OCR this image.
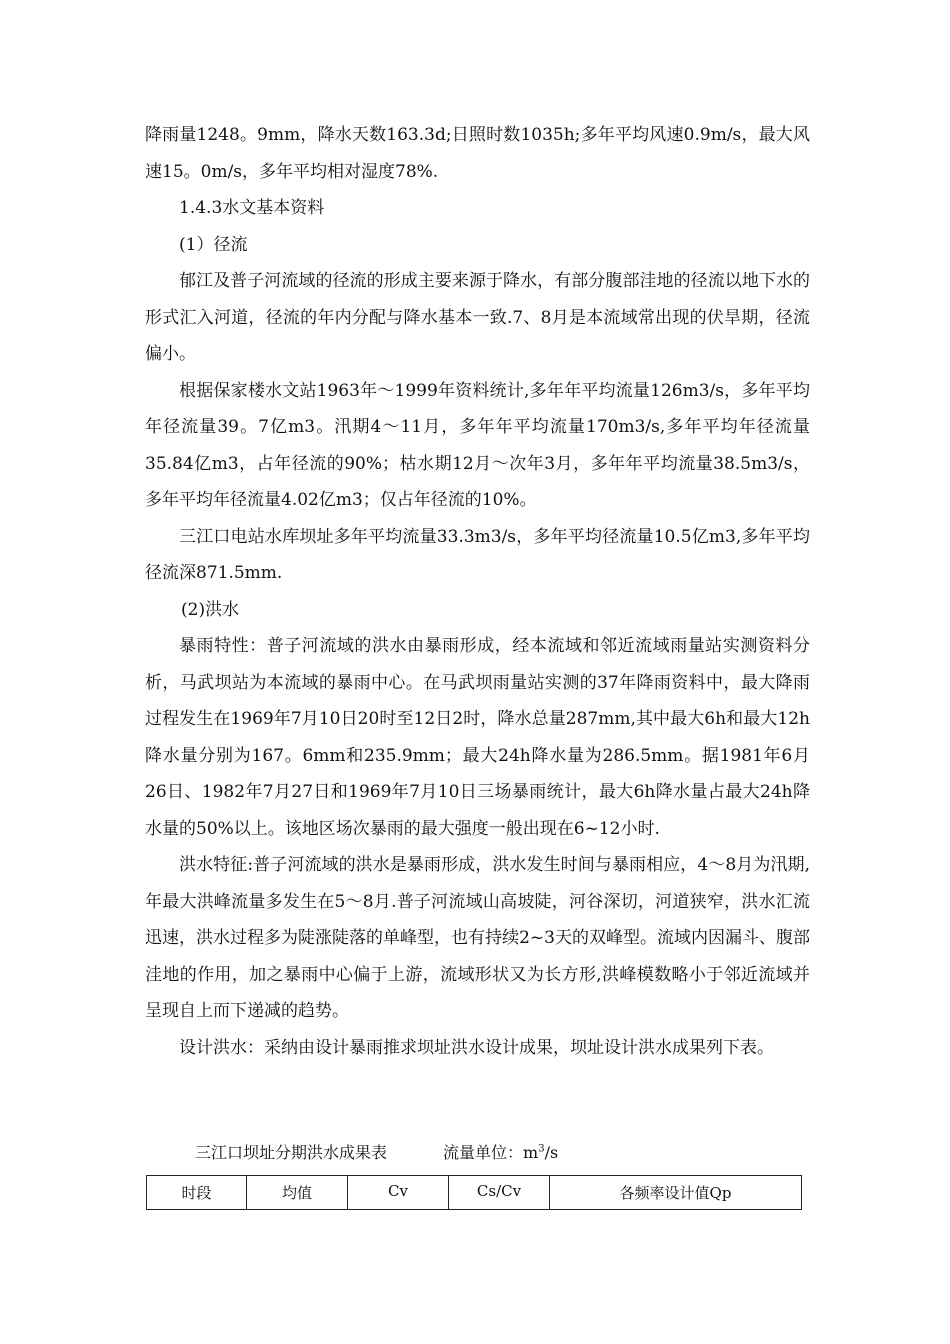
降雨量1248。9mm，降水天数163.3d;日照时数1035h;多年平均风速0.9m/s，最大风速15。0m/s，多年平均相对湿度78%.

1.4.3水文基本资料

(1）径流

郁江及普子河流域的径流的形成主要来源于降水，有部分腹部洼地的径流以地下水的形式汇入河道，径流的年内分配与降水基本一致.7、8月是本流域常出现的伏旱期，径流偏小。

根据保家楼水文站1963年～1999年资料统计,多年年平均流量126m3/s，多年平均年径流量39。7亿m3。汛期4～11月，多年年平均流量170m3/s,多年平均年径流量35.84亿m3，占年径流的90%；枯水期12月～次年3月，多年年平均流量38.5m3/s，多年平均年径流量4.02亿m3；仅占年径流的10%。

三江口电站水库坝址多年平均流量33.3m3/s，多年平均径流量10.5亿m3,多年平均径流深871.5mm.

(2)洪水

暴雨特性：普子河流域的洪水由暴雨形成，经本流域和邻近流域雨量站实测资料分析，马武坝站为本流域的暴雨中心。在马武坝雨量站实测的37年降雨资料中，最大降雨过程发生在1969年7月10日20时至12日2时，降水总量287mm,其中最大6h和最大12h降水量分别为167。6mm和235.9mm；最大24h降水量为286.5mm。据1981年6月26日、1982年7月27日和1969年7月10日三场暴雨统计，最大6h降水量占最大24h降水量的50%以上。该地区场次暴雨的最大强度一般出现在6~12小时.

洪水特征:普子河流域的洪水是暴雨形成，洪水发生时间与暴雨相应，4～8月为汛期,年最大洪峰流量多发生在5～8月.普子河流域山高坡陡，河谷深切，河道狭窄，洪水汇流迅速，洪水过程多为陡涨陡落的单峰型，也有持续2~3天的双峰型。流域内因漏斗、腹部洼地的作用，加之暴雨中心偏于上游，流域形状又为长方形,洪峰模数略小于邻近流域并呈现自上而下递减的趋势。

设计洪水：采纳由设计暴雨推求坝址洪水设计成果，坝址设计洪水成果列下表。

三江口坝址分期洪水成果表	流量单位：$m^3/s$
时段	均值	Cv	Cs/Cv	各频率设计值Qp
